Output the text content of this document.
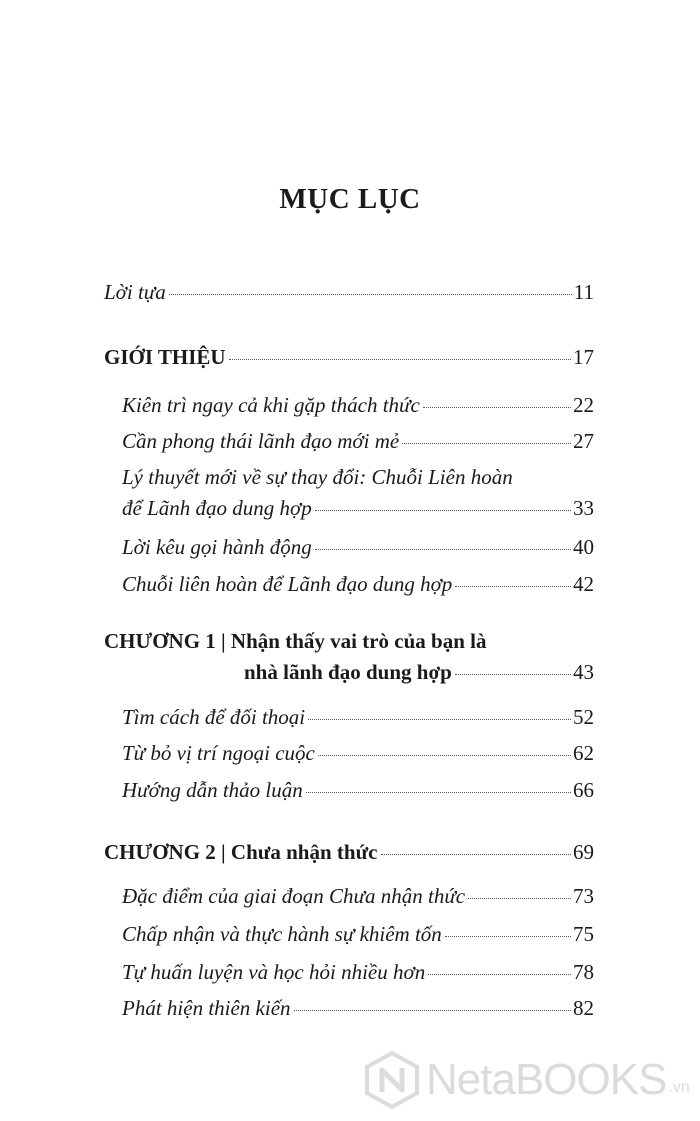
MỤC LỤC
Lời tựa	11
GIỚI THIỆU	17
Kiên trì ngay cả khi gặp thách thức	22
Cần phong thái lãnh đạo mới mẻ	27
Lý thuyết mới về sự thay đổi: Chuỗi Liên hoàn
để Lãnh đạo dung hợp	33
Lời kêu gọi hành động	40
Chuỗi liên hoàn để Lãnh đạo dung hợp	42
CHƯƠNG 1 | Nhận thấy vai trò của bạn là
nhà lãnh đạo dung hợp	43
Tìm cách để đối thoại	52
Từ bỏ vị trí ngoại cuộc	62
Hướng dẫn thảo luận	66
CHƯƠNG 2 | Chưa nhận thức	69
Đặc điểm của giai đoạn Chưa nhận thức	73
Chấp nhận và thực hành sự khiêm tốn	75
Tự huấn luyện và học hỏi nhiều hơn	78
Phát hiện thiên kiến	82
NetaBOOKS .vn
